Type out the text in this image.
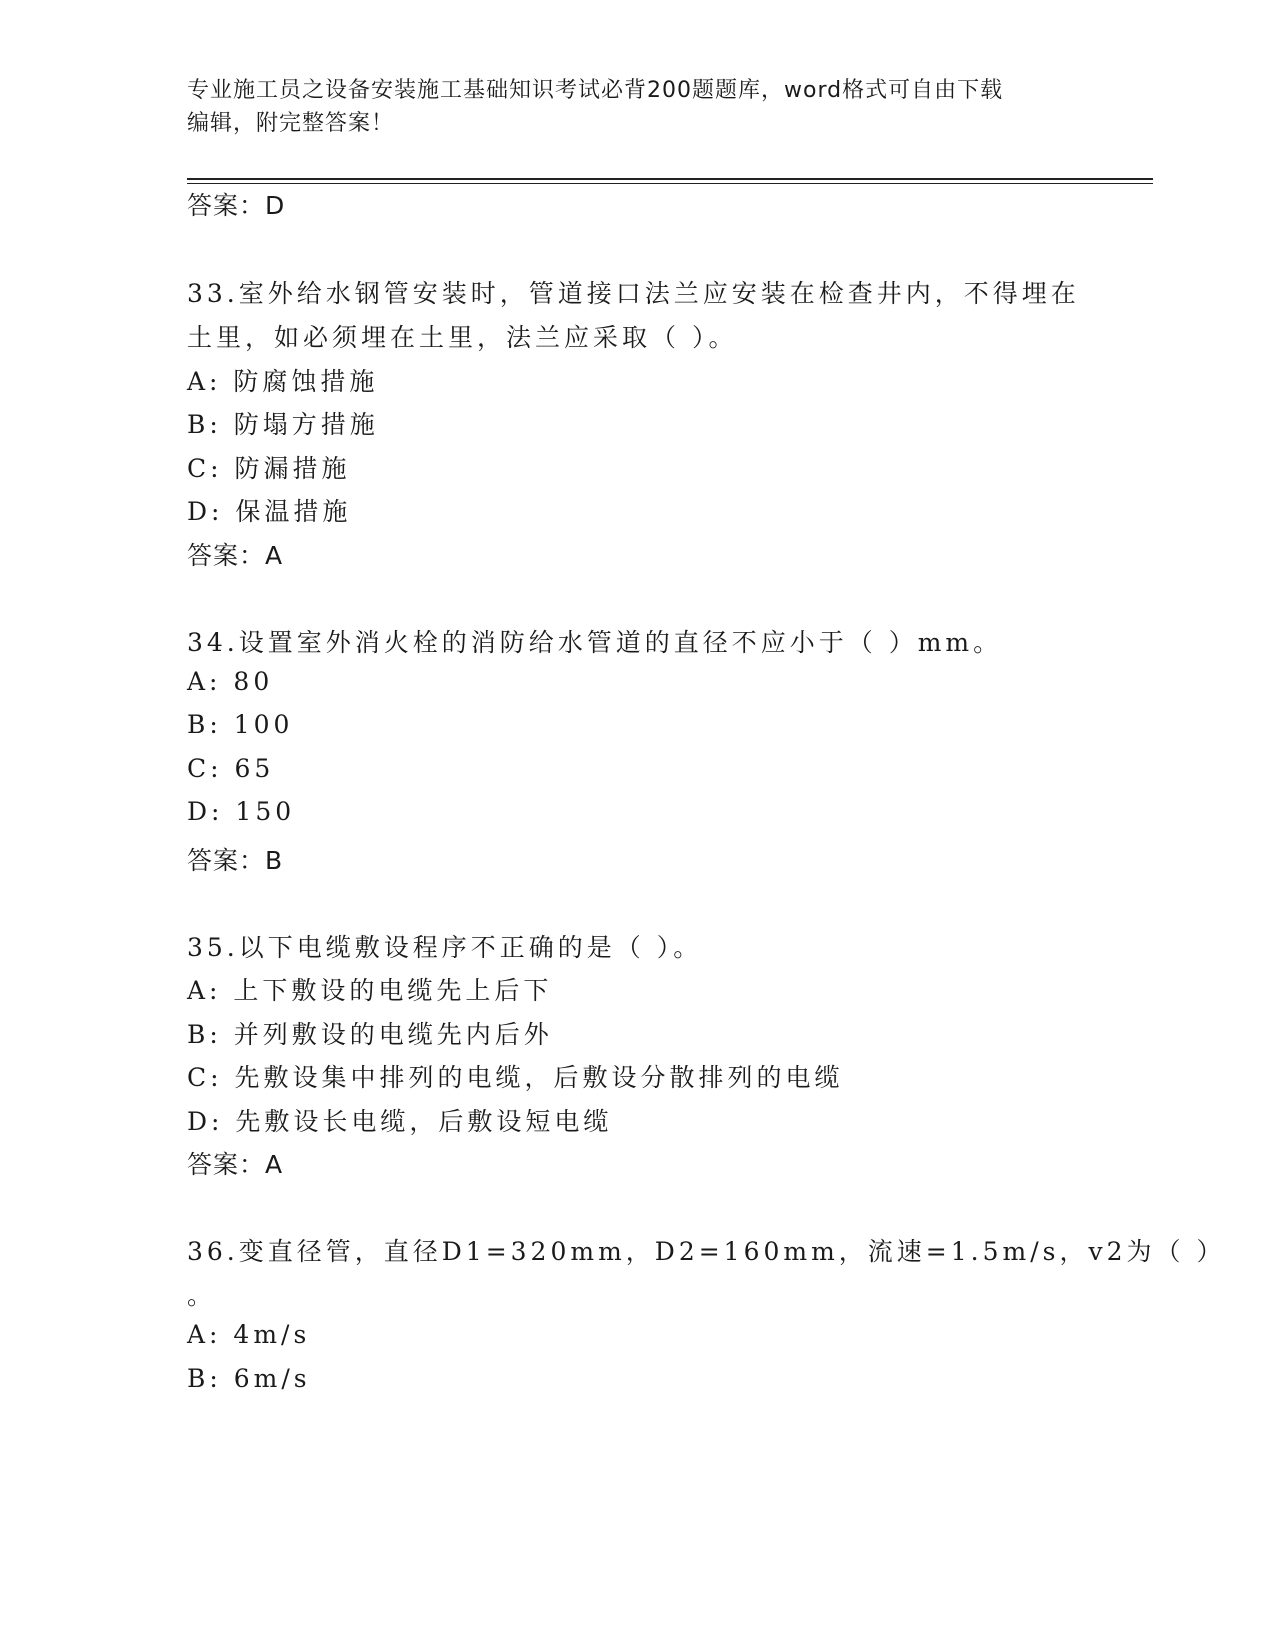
专业施工员之设备安装施工基础知识考试必背200题题库，word格式可自由下载
编辑，附完整答案！
答案：D
33.室外给水钢管安装时，管道接口法兰应安装在检查井内，不得埋在
土里，如必须埋在土里，法兰应采取（ ）。
A: 防腐蚀措施
B: 防塌方措施
C: 防漏措施
D: 保温措施
答案：A
34.设置室外消火栓的消防给水管道的直径不应小于（ ）mm。
A: 80
B: 100
C: 65
D: 150
答案：B
35.以下电缆敷设程序不正确的是（ ）。
A: 上下敷设的电缆先上后下
B: 并列敷设的电缆先内后外
C: 先敷设集中排列的电缆，后敷设分散排列的电缆
D: 先敷设长电缆，后敷设短电缆
答案：A
36.变直径管，直径D1=320mm，D2=160mm，流速=1.5m/s，v2为（ ）
。
A: 4m/s
B: 6m/s
